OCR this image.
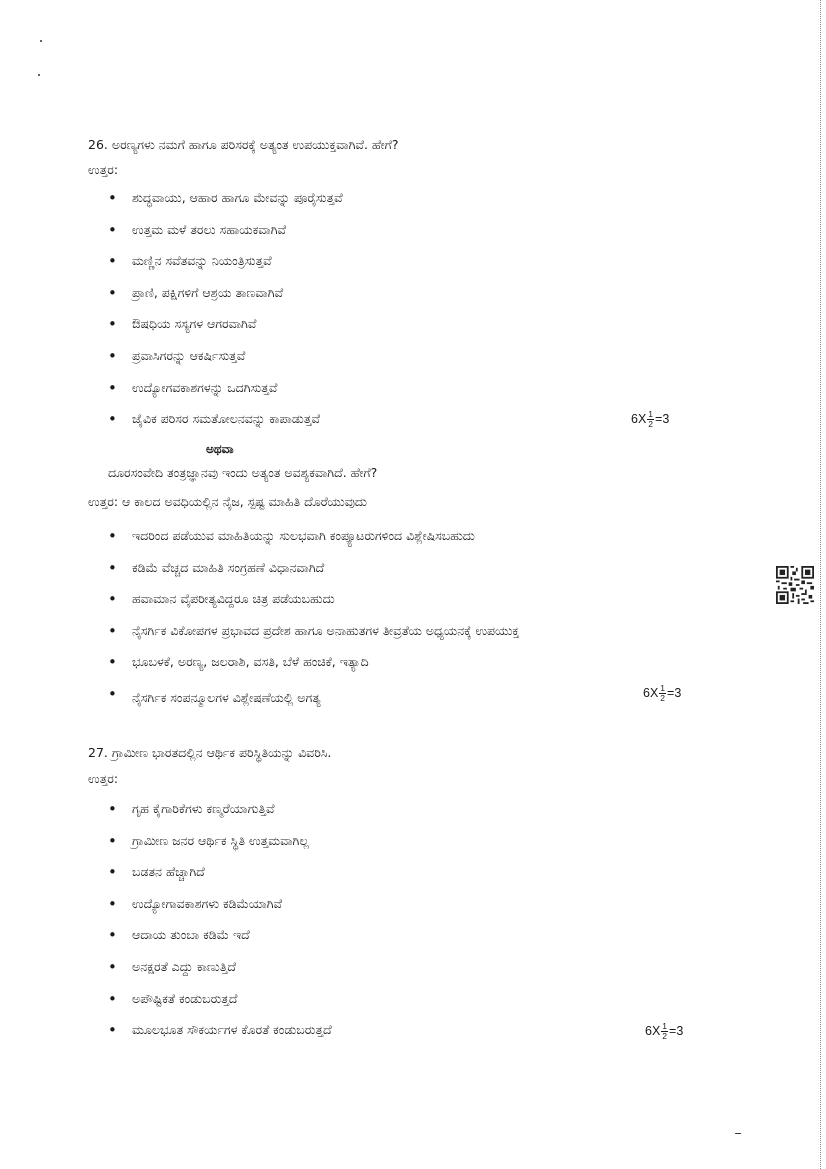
26. ಅರಣ್ಯಗಳು ನಮಗೆ ಹಾಗೂ ಪರಿಸರಕ್ಕೆ ಅತ್ಯಂತ ಉಪಯುಕ್ತವಾಗಿವೆ. ಹೇಗೆ?
ಉತ್ತರ:
• ಶುದ್ಧವಾಯು, ಆಹಾರ ಹಾಗೂ ಮೇವನ್ನು ಪೂರೈಸುತ್ತವೆ
• ಉತ್ತಮ ಮಳೆ ತರಲು ಸಹಾಯಕವಾಗಿವೆ
• ಮಣ್ಣಿನ ಸವೆತವನ್ನು ನಿಯಂತ್ರಿಸುತ್ತವೆ
• ಪ್ರಾಣಿ, ಪಕ್ಷಿಗಳಿಗೆ ಆಶ್ರಯ ತಾಣವಾಗಿವೆ
• ಔಷಧಿಯ ಸಸ್ಯಗಳ ಆಗರವಾಗಿವೆ
• ಪ್ರವಾಸಿಗರನ್ನು ಆಕರ್ಷಿಸುತ್ತವೆ
• ಉದ್ಯೋಗವಕಾಶಗಳನ್ನು ಒದಗಿಸುತ್ತವೆ
• ಜೈವಿಕ ಪರಿಸರ ಸಮತೋಲನವನ್ನು ಕಾಪಾಡುತ್ತವೆ	$6X \frac{1}{2} =3$
ಅಥವಾ
ದೂರಸಂವೇದಿ ತಂತ್ರಜ್ಞಾನವು ಇಂದು ಅತ್ಯಂತ ಅವಶ್ಯಕವಾಗಿದೆ. ಹೇಗೆ?
ಉತ್ತರ: ಆ ಕಾಲದ ಅವಧಿಯಲ್ಲಿನ ನೈಜ, ಸ್ಪಷ್ಟ ಮಾಹಿತಿ ದೊರೆಯುವುದು
• ಇದರಿಂದ ಪಡೆಯುವ ಮಾಹಿತಿಯನ್ನು ಸುಲಭವಾಗಿ ಕಂಪ್ಯೂಟರುಗಳಿಂದ ವಿಶ್ಲೇಷಿಸಬಹುದು
• ಕಡಿಮೆ ವೆಚ್ಚದ ಮಾಹಿತಿ ಸಂಗ್ರಹಣೆ ವಿಧಾನವಾಗಿದೆ
• ಹವಾಮಾನ ವೈಪರೀತ್ಯವಿದ್ದರೂ ಚಿತ್ರ ಪಡೆಯಬಹುದು
• ನೈಸರ್ಗಿಕ ವಿಕೋಪಗಳ ಪ್ರಭಾವದ ಪ್ರದೇಶ ಹಾಗೂ ಅನಾಹುತಗಳ ತೀವ್ರತೆಯ ಅಧ್ಯಯನಕ್ಕೆ ಉಪಯುಕ್ತ
• ಭೂಬಳಕೆ, ಅರಣ್ಯ, ಜಲರಾಶಿ, ವಸತಿ, ಬೆಳೆ ಹಂಚಿಕೆ, ಇತ್ಯಾದಿ
• ನೈಸರ್ಗಿಕ ಸಂಪನ್ಮೂಲಗಳ ವಿಶ್ಲೇಷಣೆಯಲ್ಲಿ ಅಗತ್ಯ	$6X \frac{1}{2} =3$
27. ಗ್ರಾಮೀಣ ಭಾರತದಲ್ಲಿನ ಆರ್ಥಿಕ ಪರಿಸ್ಥಿತಿಯನ್ನು ವಿವರಿಸಿ.
ಉತ್ತರ:
• ಗೃಹ ಕೈಗಾರಿಕೆಗಳು ಕಣ್ಮರೆಯಾಗುತ್ತಿವೆ
• ಗ್ರಾಮೀಣ ಜನರ ಆರ್ಥಿಕ ಸ್ಥಿತಿ ಉತ್ತಮವಾಗಿಲ್ಲ
• ಬಡತನ ಹೆಚ್ಚಾಗಿದೆ
• ಉದ್ಯೋಗಾವಕಾಶಗಳು ಕಡಿಮೆಯಾಗಿವೆ
• ಆದಾಯ ತುಂಬಾ ಕಡಿಮೆ ಇದೆ
• ಅನಕ್ಷರತೆ ಎದ್ದು ಕಾಣುತ್ತಿದೆ
• ಅಪೌಷ್ಟಿಕತೆ ಕಂಡುಬರುತ್ತದೆ
• ಮೂಲಭೂತ ಸೌಕರ್ಯಗಳ ಕೊರತೆ ಕಂಡುಬರುತ್ತದೆ	$6X \frac{1}{2} =3$
